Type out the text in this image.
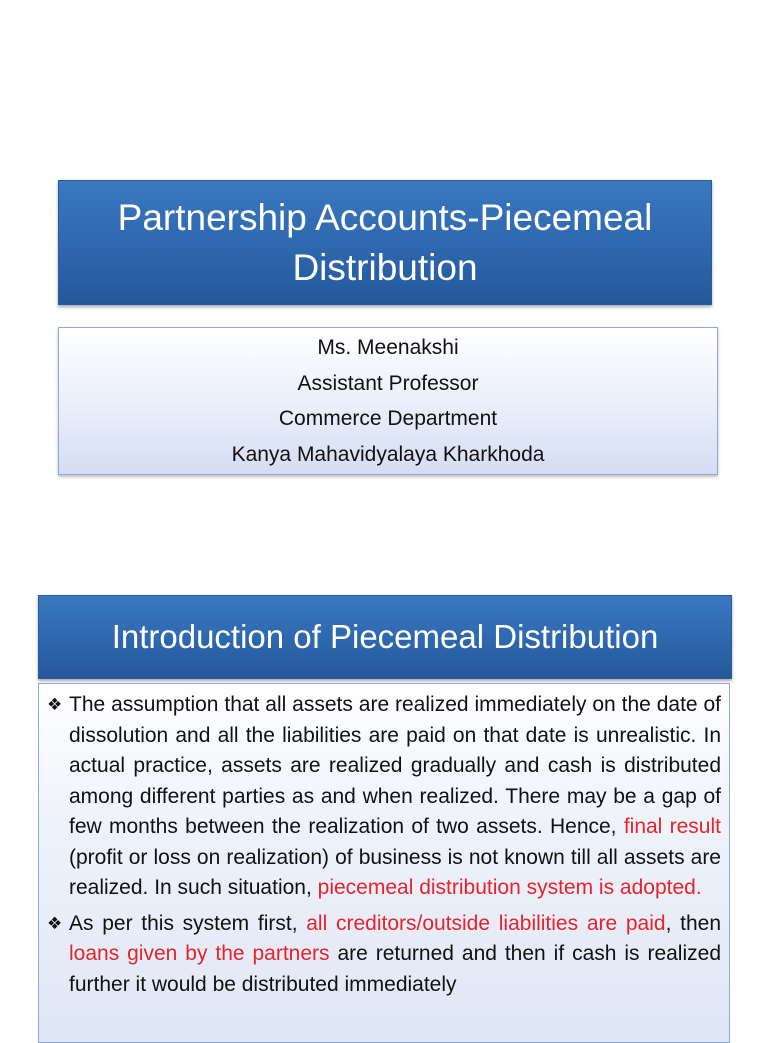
Partnership Accounts-Piecemeal
Distribution
Ms. Meenakshi
Assistant Professor
Commerce Department
Kanya Mahavidyalaya Kharkhoda
Introduction of Piecemeal Distribution
❖ The assumption that all assets are realized immediately on the date of dissolution and all the liabilities are paid on that date is unrealistic. In actual practice, assets are realized gradually and cash is distributed among different parties as and when realized. There may be a gap of few months between the realization of two assets. Hence, final result (profit or loss on realization) of business is not known till all assets are realized. In such situation, piecemeal distribution system is adopted.
❖ As per this system first, all creditors/outside liabilities are paid, then loans given by the partners are returned and then if cash is realized further it would be distributed immediately
